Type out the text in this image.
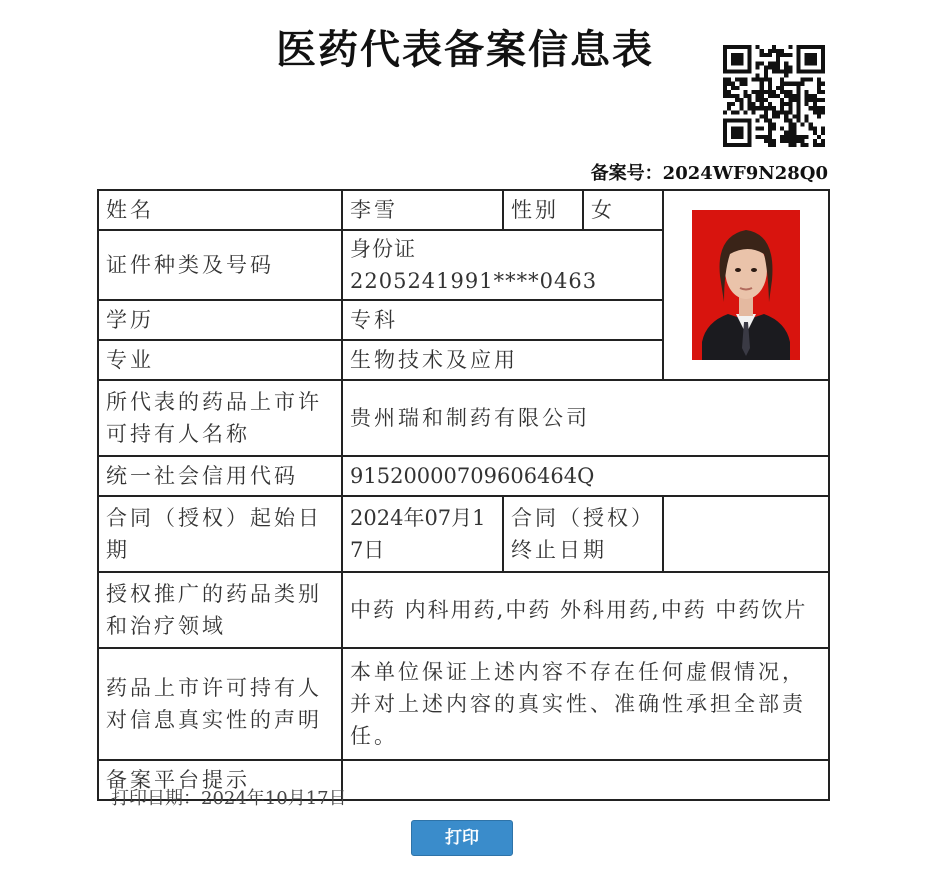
医药代表备案信息表
备案号：2024WF9N28Q0
姓名	李雪	性别	女	

证件种类及号码	身份证 2205241991****0463			
学历	专科			
专业	生物技术及应用			
所代表的药品上市许可持有人名称	贵州瑞和制药有限公司			
统一社会信用代码	91520000709606464Q			
合同（授权）起始日期	2024年07月17日	合同（授权）终止日期		
授权推广的药品类别和治疗领域	中药 内科用药,中药 外科用药,中药 中药饮片			
药品上市许可持有人对信息真实性的声明	本单位保证上述内容不存在任何虚假情况，并对上述内容的真实性、准确性承担全部责任。			
备案平台提示				
打印日期：2024年10月17日
打印
